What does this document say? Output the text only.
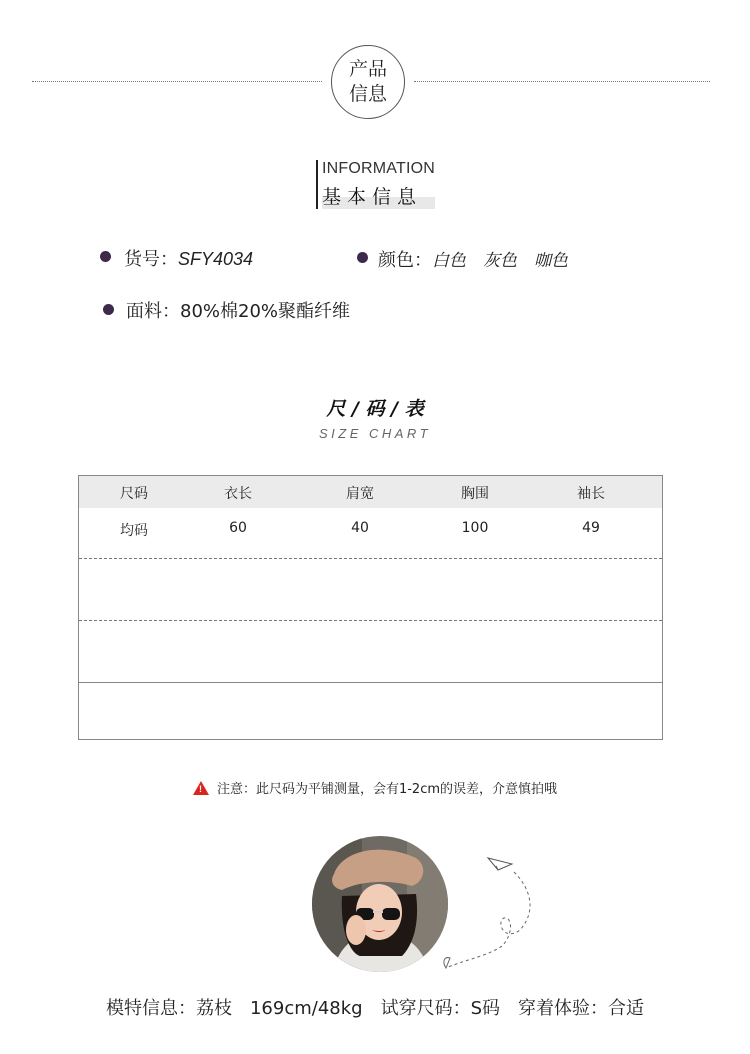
产品
信息
INFORMATION
基本信息
货号：SFY4034	颜色：白色　灰色　咖色
面料：80%棉20%聚酯纤维
尺 / 码 / 表
SIZE CHART
尺码	衣长	肩宽	胸围	袖长
均码	60	40	100	49
!注意：此尺码为平铺测量，会有1-2cm的误差，介意慎拍哦
模特信息：荔枝　169cm/48kg　试穿尺码：S码　穿着体验：合适
